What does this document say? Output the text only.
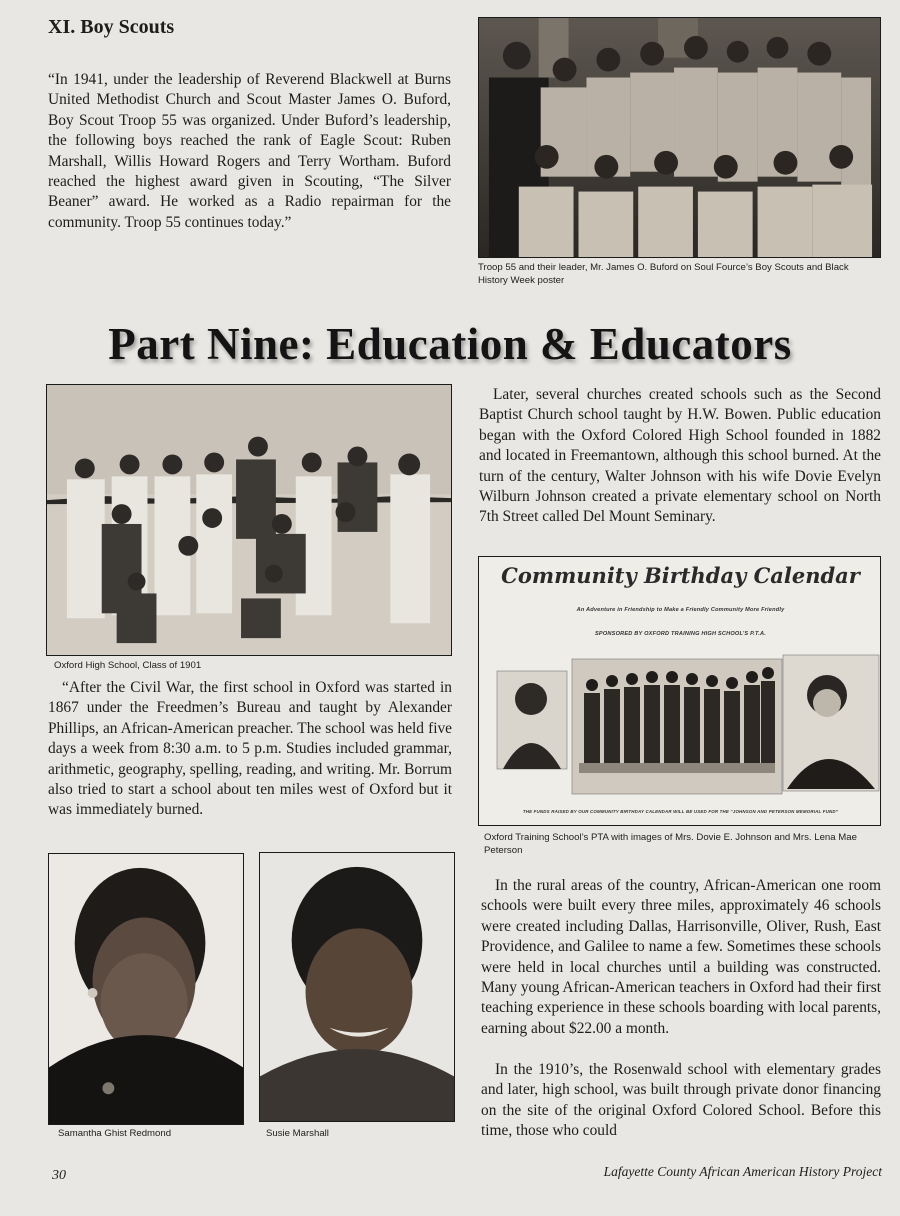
XI. Boy Scouts
“In 1941, under the leadership of Reverend Blackwell at Burns United Methodist Church and Scout Master James O. Buford, Boy Scout Troop 55 was organized. Under Buford’s leadership, the following boys reached the rank of Eagle Scout: Ruben Marshall, Willis Howard Rogers and Terry Wortham. Buford reached the highest award given in Scouting, “The Silver Beaner” award. He worked as a Radio repairman for the community. Troop 55 continues today.”
Troop 55 and their leader, Mr. James O. Buford on Soul Fource’s Boy Scouts and Black History Week poster
Part Nine: Education & Educators
Oxford High School, Class of 1901
“After the Civil War, the first school in Oxford was started in 1867 under the Freedmen’s Bureau and taught by Alexander Phillips, an African-American preacher. The school was held five days a week from 8:30 a.m. to 5 p.m. Studies included grammar, arithmetic, geography, spelling, reading, and writing. Mr. Borrum also tried to start a school about ten miles west of Oxford but it was immediately burned.
Later, several churches created schools such as the Second Baptist Church school taught by H.W. Bowen. Public education began with the Oxford Colored High School founded in 1882 and located in Freemantown, although this school burned. At the turn of the century, Walter Johnson with his wife Dovie Evelyn Wilburn Johnson created a private elementary school on North 7th Street called Del Mount Seminary.
Community Birthday Calendar
An Adventure in Friendship to Make a Friendly Community More Friendly
SPONSORED BY OXFORD TRAINING HIGH SCHOOL’S P.T.A.
THE FUNDS RAISED BY OUR COMMUNITY BIRTHDAY CALENDAR WILL BE USED FOR THE “JOHNSON AND PETERSON MEMORIAL FUND”
Oxford Training School’s PTA with images of Mrs. Dovie E. Johnson and Mrs. Lena Mae Peterson
Samantha Ghist Redmond	Susie Marshall
In the rural areas of the country, African-American one room schools were built every three miles, approximately 46 schools were created including Dallas, Harrisonville, Oliver, Rush, East Providence, and Galilee to name a few. Sometimes these schools were held in local churches until a building was constructed. Many young African-American teachers in Oxford had their first teaching experience in these schools boarding with local parents, earning about $22.00 a month.
In the 1910’s, the Rosenwald school with elementary grades and later, high school, was built through private donor financing on the site of the original Oxford Colored School. Before this time, those who could
30	Lafayette County African American History Project
